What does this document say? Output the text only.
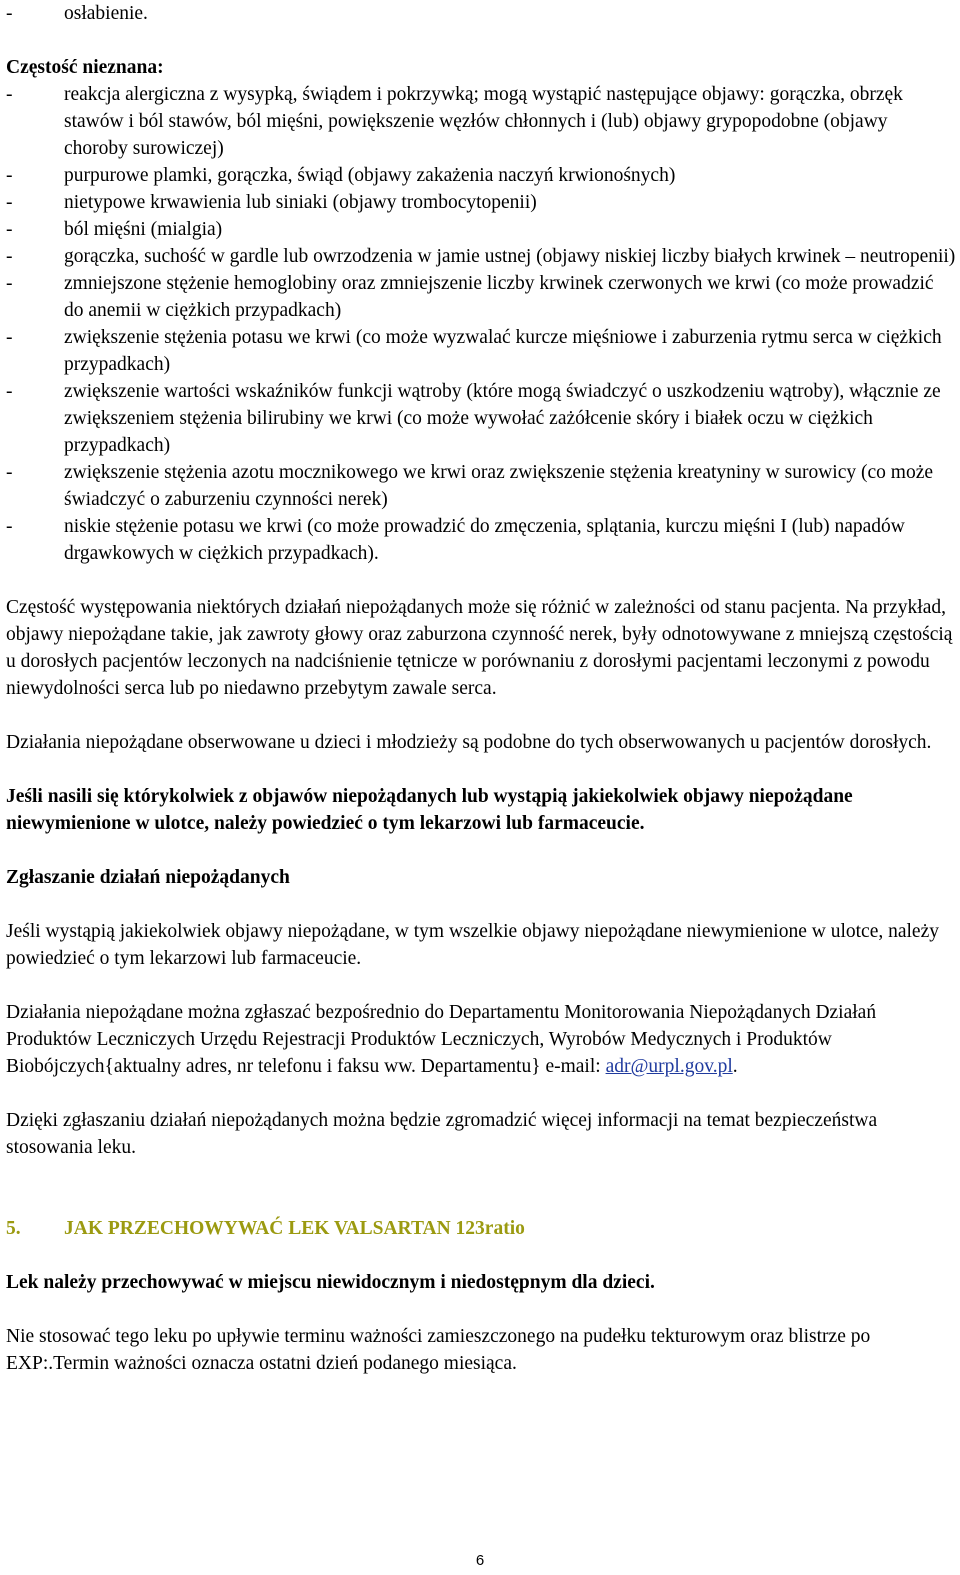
-	osłabienie.

Częstość nieznana:

-	reakcja alergiczna z wysypką, świądem i pokrzywką; mogą wystąpić następujące objawy: gorączka, obrzęk stawów i ból stawów, ból mięśni, powiększenie węzłów chłonnych i (lub) objawy grypopodobne (objawy choroby surowiczej)
-	purpurowe plamki, gorączka, świąd (objawy zakażenia naczyń krwionośnych)
-	nietypowe krwawienia lub siniaki (objawy trombocytopenii)
-	ból mięśni (mialgia)
-	gorączka, suchość w gardle lub owrzodzenia w jamie ustnej (objawy niskiej liczby białych krwinek – neutropenii)
-	zmniejszone stężenie hemoglobiny oraz zmniejszenie liczby krwinek czerwonych we krwi (co może prowadzić do anemii w ciężkich przypadkach)
-	zwiększenie stężenia potasu we krwi (co może wyzwalać kurcze mięśniowe i zaburzenia rytmu serca w ciężkich przypadkach)
-	zwiększenie wartości wskaźników funkcji wątroby (które mogą świadczyć o uszkodzeniu wątroby), włącznie ze zwiększeniem stężenia bilirubiny we krwi (co może wywołać zażółcenie skóry i białek oczu w ciężkich przypadkach)
-	zwiększenie stężenia azotu mocznikowego we krwi oraz zwiększenie stężenia kreatyniny w surowicy (co może świadczyć o zaburzeniu czynności nerek)
-	niskie stężenie potasu we krwi (co może prowadzić do zmęczenia, splątania, kurczu mięśni I (lub) napadów drgawkowych w ciężkich przypadkach).

Częstość występowania niektórych działań niepożądanych może się różnić w zależności od stanu pacjenta. Na przykład, objawy niepożądane takie, jak zawroty głowy oraz zaburzona czynność nerek, były odnotowywane z mniejszą częstością u dorosłych pacjentów leczonych na nadciśnienie tętnicze w porównaniu z dorosłymi pacjentami leczonymi z powodu niewydolności serca lub po niedawno przebytym zawale serca.

Działania niepożądane obserwowane u dzieci i młodzieży są podobne do tych obserwowanych u pacjentów dorosłych.

Jeśli nasili się którykolwiek z objawów niepożądanych lub wystąpią jakiekolwiek objawy niepożądane niewymienione w ulotce, należy powiedzieć o tym lekarzowi lub farmaceucie.

Zgłaszanie działań niepożądanych

Jeśli wystąpią jakiekolwiek objawy niepożądane, w tym wszelkie objawy niepożądane niewymienione w ulotce, należy powiedzieć o tym lekarzowi lub farmaceucie.

Działania niepożądane można zgłaszać bezpośrednio do Departamentu Monitorowania Niepożądanych Działań Produktów Leczniczych Urzędu Rejestracji Produktów Leczniczych, Wyrobów Medycznych i Produktów Biobójczych{aktualny adres, nr telefonu i faksu ww. Departamentu} e-mail: adr@urpl.gov.pl.

Dzięki zgłaszaniu działań niepożądanych można będzie zgromadzić więcej informacji na temat bezpieczeństwa stosowania leku.

5. JAK PRZECHOWYWAĆ LEK VALSARTAN 123ratio

Lek należy przechowywać w miejscu niewidocznym i niedostępnym dla dzieci.

Nie stosować tego leku po upływie terminu ważności zamieszczonego na pudełku tekturowym oraz blistrze po EXP:.Termin ważności oznacza ostatni dzień podanego miesiąca.

6
